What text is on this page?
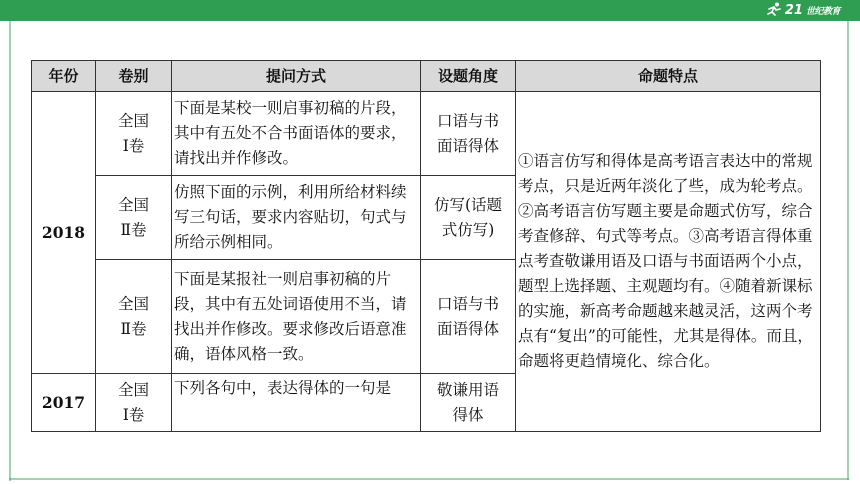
21 世纪教育
年份	卷别	提问方式	设题角度	命题特点
2018	全国Ⅰ卷	下面是某校一则启事初稿的片段，其中有五处不合书面语体的要求，请找出并作修改。	口语与书面语得体	①语言仿写和得体是高考语言表达中的常规考点，只是近两年淡化了些，成为轮考点。②高考语言仿写题主要是命题式仿写，综合考查修辞、句式等考点。③高考语言得体重点考查敬谦用语及口语与书面语两个小点，题型上选择题、主观题均有。④随着新课标的实施，新高考命题越来越灵活，这两个考点有“复出”的可能性，尤其是得体。而且，命题将更趋情境化、综合化。
	全国Ⅱ卷	仿照下面的示例，利用所给材料续写三句话，要求内容贴切，句式与所给示例相同。	仿写(话题式仿写)	
	全国Ⅱ卷	下面是某报社一则启事初稿的片段，其中有五处词语使用不当，请找出并作修改。要求修改后语意准确，语体风格一致。	口语与书面语得体	
2017	全国Ⅰ卷	下列各句中，表达得体的一句是	敬谦用语得体	
